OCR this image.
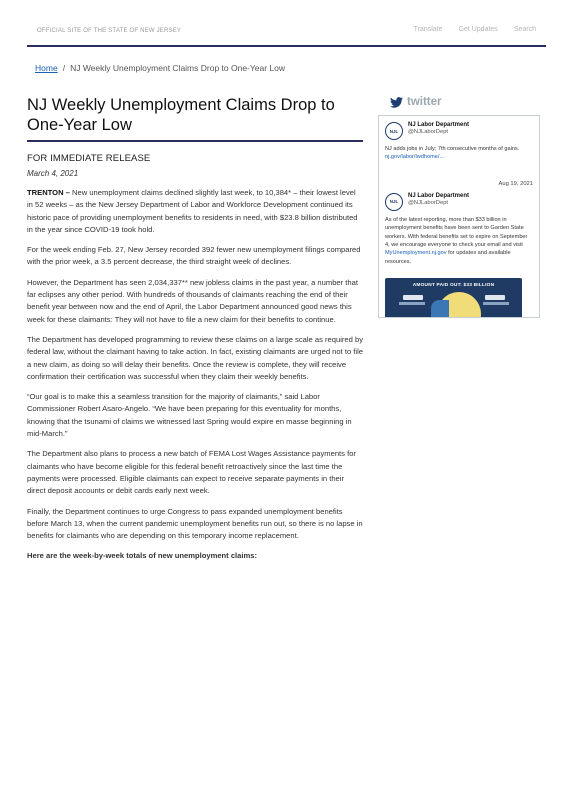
OFFICIAL SITE OF THE STATE OF NEW JERSEY	Translate Get Updates Search
Home / NJ Weekly Unemployment Claims Drop to One-Year Low
NJ Weekly Unemployment Claims Drop to One-Year Low
FOR IMMEDIATE RELEASE
March 4, 2021

TRENTON – New unemployment claims declined slightly last week, to 10,384* – their lowest level in 52 weeks – as the New Jersey Department of Labor and Workforce Development continued its historic pace of providing unemployment benefits to residents in need, with $23.8 billion distributed in the year since COVID-19 took hold.

For the week ending Feb. 27, New Jersey recorded 392 fewer new unemployment filings compared with the prior week, a 3.5 percent decrease, the third straight week of declines.

However, the Department has seen 2,034,337** new jobless claims in the past year, a number that far eclipses any other period. With hundreds of thousands of claimants reaching the end of their benefit year between now and the end of April, the Labor Department announced good news this week for these claimants: They will not have to file a new claim for their benefits to continue.

The Department has developed programming to review these claims on a large scale as required by federal law, without the claimant having to take action. In fact, existing claimants are urged not to file a new claim, as doing so will delay their benefits. Once the review is complete, they will receive confirmation their certification was successful when they claim their weekly benefits.

“Our goal is to make this a seamless transition for the majority of claimants,” said Labor Commissioner Robert Asaro-Angelo. “We have been preparing for this eventuality for months, knowing that the tsunami of claims we witnessed last Spring would expire en masse beginning in mid-March.”

The Department also plans to process a new batch of FEMA Lost Wages Assistance payments for claimants who have become eligible for this federal benefit retroactively since the last time the payments were processed. Eligible claimants can expect to receive separate payments in their direct deposit accounts or debit cards early next week.

Finally, the Department continues to urge Congress to pass expanded unemployment benefits before March 13, when the current pandemic unemployment benefits run out, so there is no lapse in benefits for claimants who are depending on this temporary income replacement.

Here are the week-by-week totals of new unemployment claims:

twitter
NJL
NJ Labor Department
@NJLaborDept
NJ adds jobs in July; 7th consecutive months of gains. nj.gov/labor/lwdhome/...
Aug 19, 2021
NJL
NJ Labor Department
@NJLaborDept
As of the latest reporting, more than $33 billion in unemployment benefits have been sent to Garden State workers. With federal benefits set to expire on September 4, we encourage everyone to check your email and visit MyUnemployment.nj.gov for updates and available resources.
AMOUNT PAID OUT: $33 BILLION
